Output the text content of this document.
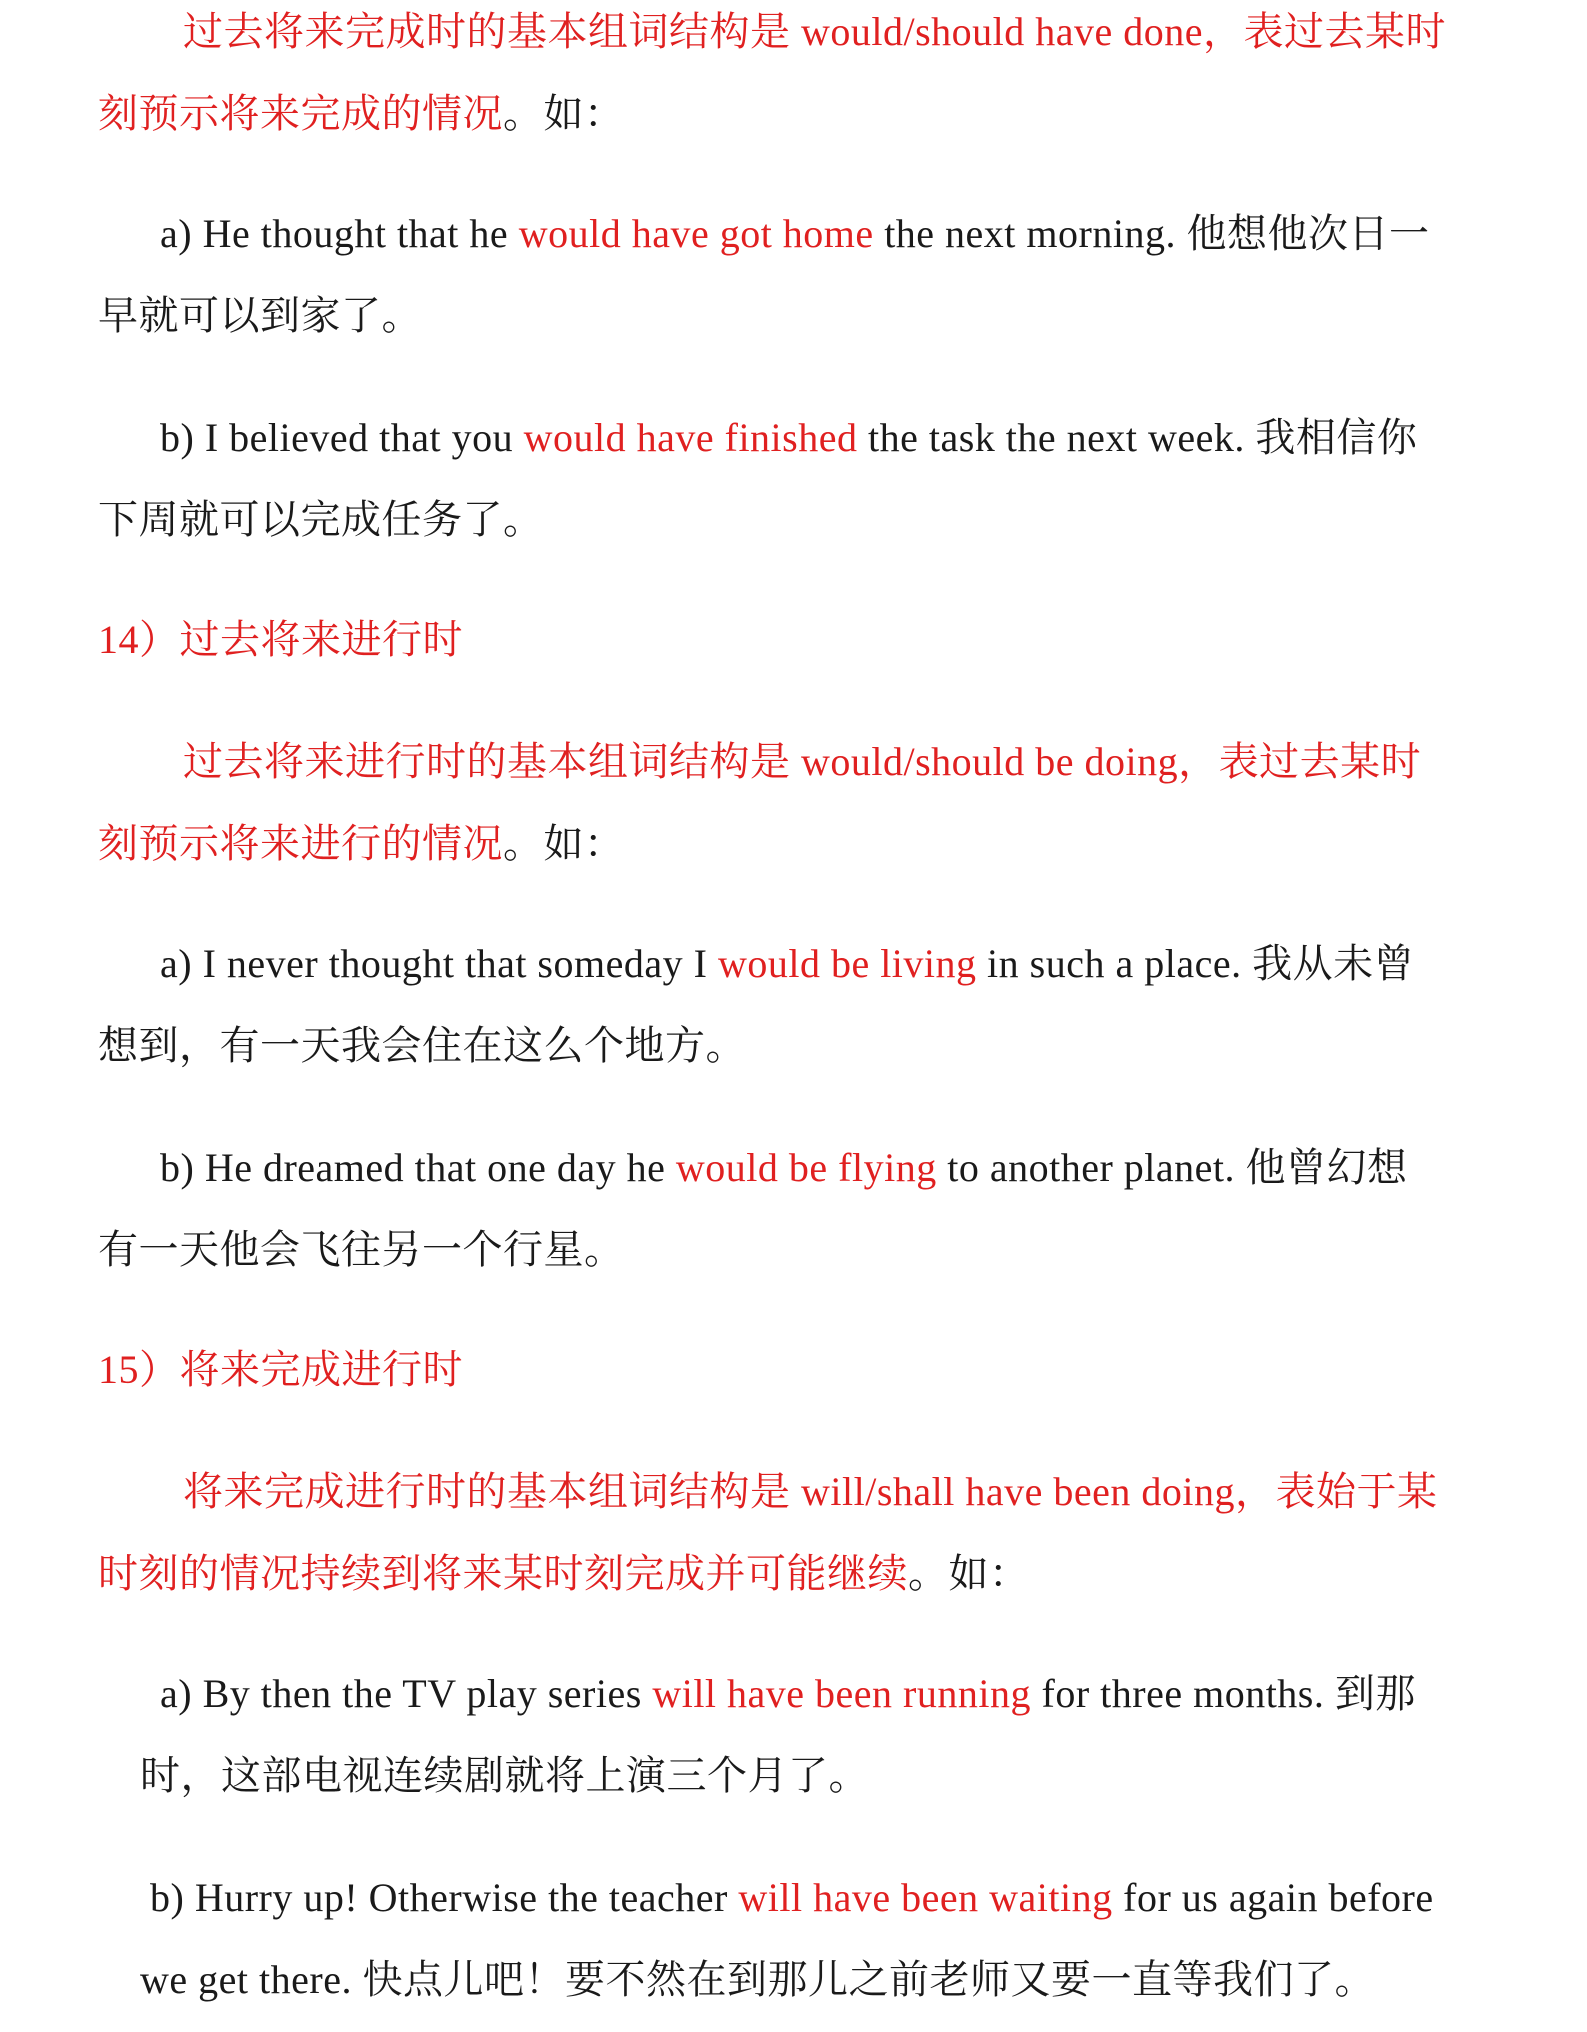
过去将来完成时的基本组词结构是 would/should have done，表过去某时
刻预示将来完成的情况。如：
a) He thought that he would have got home the next morning. 他想他次日一
早就可以到家了。
b) I believed that you would have finished the task the next week. 我相信你
下周就可以完成任务了。
14）过去将来进行时
过去将来进行时的基本组词结构是 would/should be doing，表过去某时
刻预示将来进行的情况。如：
a) I never thought that someday I would be living in such a place. 我从未曾
想到，有一天我会住在这么个地方。
b) He dreamed that one day he would be flying to another planet. 他曾幻想
有一天他会飞往另一个行星。
15）将来完成进行时
将来完成进行时的基本组词结构是 will/shall have been doing，表始于某
时刻的情况持续到将来某时刻完成并可能继续。如：
a) By then the TV play series will have been running for three months. 到那
时，这部电视连续剧就将上演三个月了。
b) Hurry up! Otherwise the teacher will have been waiting for us again before
we get there. 快点儿吧！要不然在到那儿之前老师又要一直等我们了。
